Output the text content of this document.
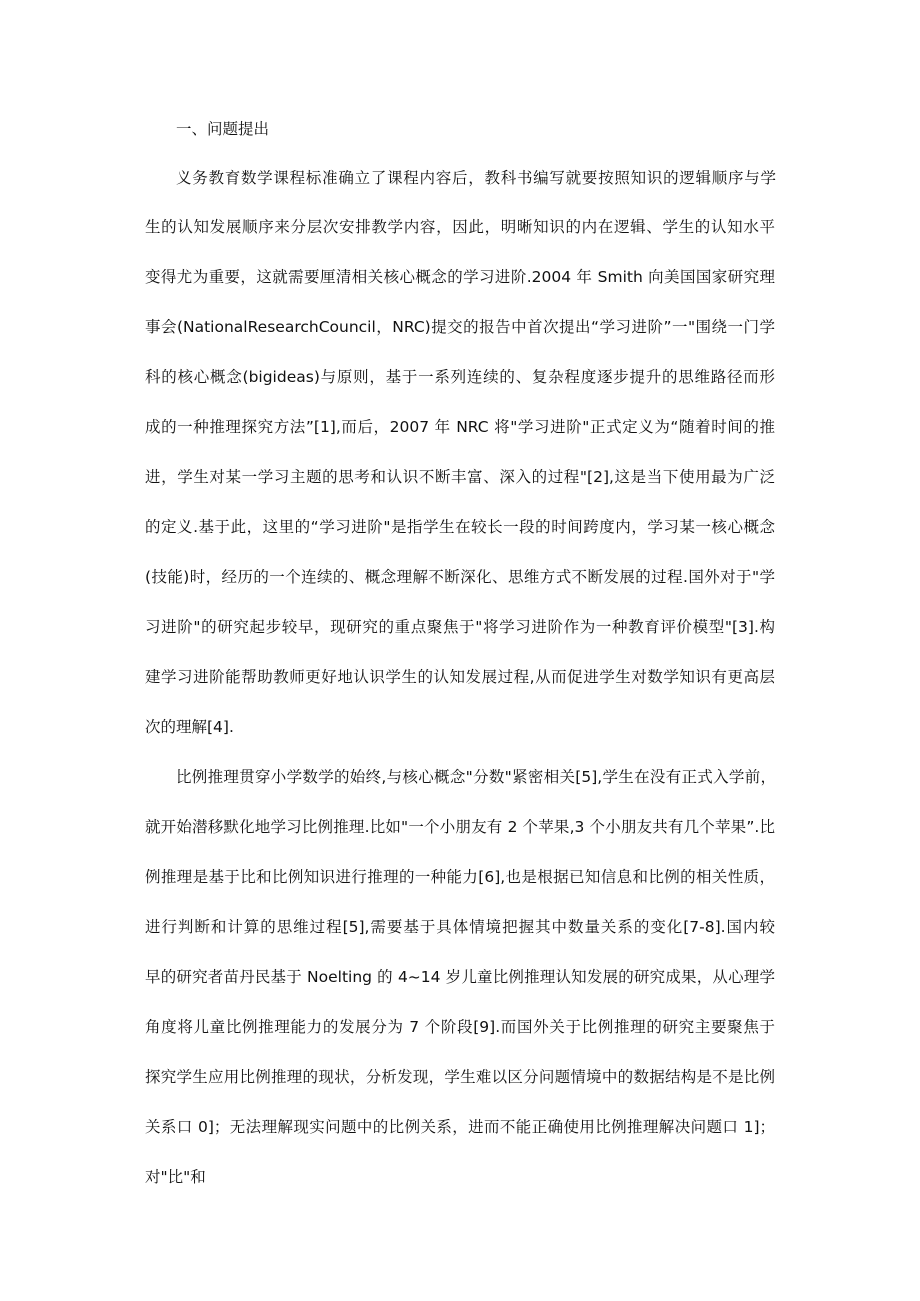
一、问题提出
义务教育数学课程标准确立了课程内容后，教科书编写就要按照知识的逻辑顺序与学
生的认知发展顺序来分层次安排教学内容，因此，明晰知识的内在逻辑、学生的认知水平
变得尤为重要，这就需要厘清相关核心概念的学习进阶.2004 年 Smith 向美国国家研究理
事会(NationalResearchCouncil，NRC)提交的报告中首次提出“学习进阶”一"围绕一门学
科的核心概念(bigideas)与原则，基于一系列连续的、复杂程度逐步提升的思维路径而形
成的一种推理探究方法”[1],而后，2007 年 NRC 将"学习进阶"正式定义为“随着时间的推
进，学生对某一学习主题的思考和认识不断丰富、深入的过程"[2],这是当下使用最为广泛
的定义.基于此，这里的“学习进阶"是指学生在较长一段的时间跨度内，学习某一核心概念
(技能)时，经历的一个连续的、概念理解不断深化、思维方式不断发展的过程.国外对于"学
习进阶"的研究起步较早，现研究的重点聚焦于"将学习进阶作为一种教育评价模型"[3].构
建学习进阶能帮助教师更好地认识学生的认知发展过程,从而促进学生对数学知识有更高层
次的理解[4].
比例推理贯穿小学数学的始终,与核心概念"分数"紧密相关[5],学生在没有正式入学前，
就开始潜移默化地学习比例推理.比如"一个小朋友有 2 个苹果,3 个小朋友共有几个苹果”.比
例推理是基于比和比例知识进行推理的一种能力[6],也是根据已知信息和比例的相关性质，
进行判断和计算的思维过程[5],需要基于具体情境把握其中数量关系的变化[7-8].国内较
早的研究者苗丹民基于 Noelting 的 4~14 岁儿童比例推理认知发展的研究成果，从心理学
角度将儿童比例推理能力的发展分为 7 个阶段[9].而国外关于比例推理的研究主要聚焦于
探究学生应用比例推理的现状，分析发现，学生难以区分问题情境中的数据结构是不是比例
关系口 0]；无法理解现实问题中的比例关系，进而不能正确使用比例推理解决问题口 1]；
对"比"和
